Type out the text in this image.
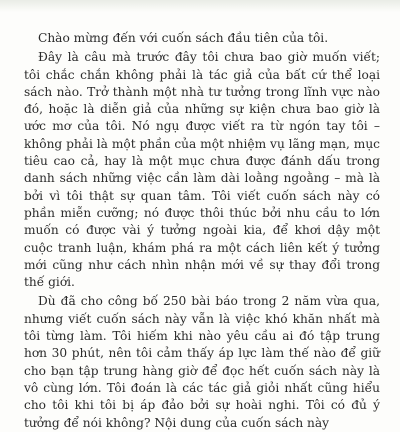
Chào mừng đến với cuốn sách đầu tiên của tôi.

Đây là câu mà trước đây tôi chưa bao giờ muốn viết; tôi chắc chắn không phải là tác giả của bất cứ thể loại sách nào. Trở thành một nhà tư tưởng trong lĩnh vực nào đó, hoặc là diễn giả của những sự kiện chưa bao giờ là ước mơ của tôi. Nó ngụ được viết ra từ ngón tay tôi – không phải là một phần của một nhiệm vụ lãng mạn, mục tiêu cao cả, hay là một mục chưa được đánh dấu trong danh sách những việc cần làm dài loằng ngoằng – mà là bởi vì tôi thật sự quan tâm. Tôi viết cuốn sách này có phần miễn cưỡng; nó được thôi thúc bởi nhu cầu to lớn muốn có được vài ý tưởng ngoài kia, để khơi dậy một cuộc tranh luận, khám phá ra một cách liên kết ý tưởng mới cũng như cách nhìn nhận mới về sự thay đổi trong thế giới.

Dù đã cho công bố 250 bài báo trong 2 năm vừa qua, nhưng viết cuốn sách này vẫn là việc khó khăn nhất mà tôi từng làm. Tôi hiếm khi nào yêu cầu ai đó tập trung hơn 30 phút, nên tôi cảm thấy áp lực làm thế nào để giữ cho bạn tập trung hàng giờ để đọc hết cuốn sách này là vô cùng lớn. Tôi đoán là các tác giả giỏi nhất cũng hiểu cho tôi khi tôi bị áp đảo bởi sự hoài nghi. Tôi có đủ ý tưởng để nói không? Nội dung của cuốn sách này
